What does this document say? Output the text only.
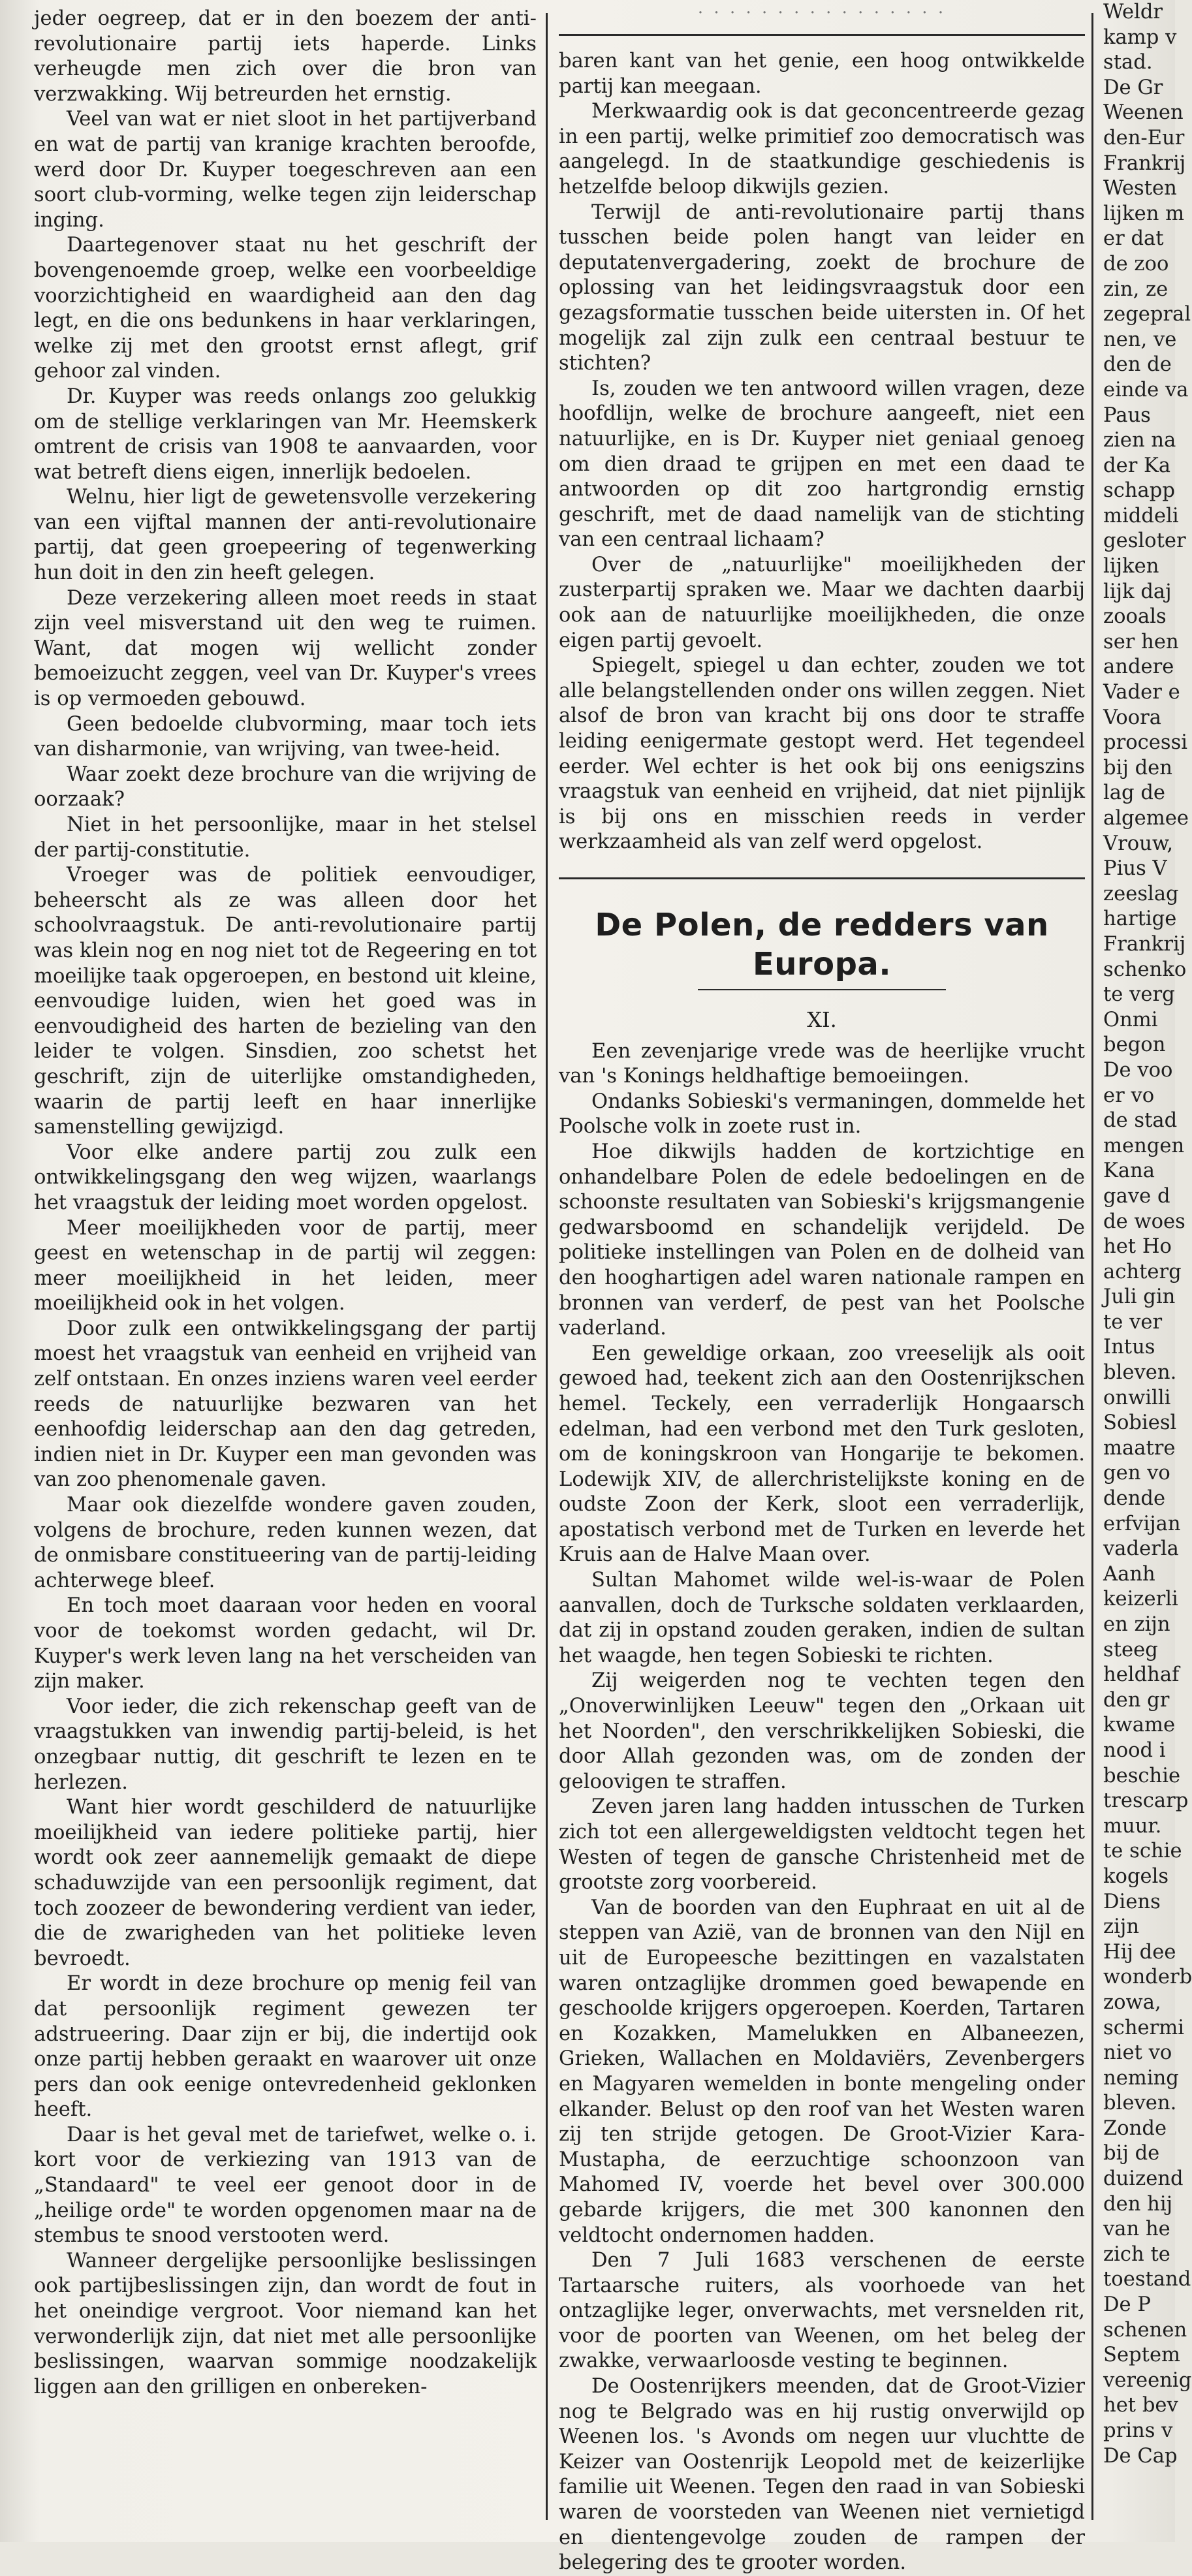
jeder oegreep, dat er in den boezem der anti-revolutionaire partij iets haperde. Links verheugde men zich over die bron van verzwakking. Wij betreurden het ernstig.

Veel van wat er niet sloot in het partijverband en wat de partij van kranige krachten beroofde, werd door Dr. Kuyper toegeschreven aan een soort club-vorming, welke tegen zijn leiderschap inging.

Daartegenover staat nu het geschrift der bovengenoemde groep, welke een voorbeeldige voorzichtigheid en waardigheid aan den dag legt, en die ons bedunkens in haar verklaringen, welke zij met den grootst ernst aflegt, grif gehoor zal vinden.

Dr. Kuyper was reeds onlangs zoo gelukkig om de stellige verklaringen van Mr. Heemskerk omtrent de crisis van 1908 te aanvaarden, voor wat betreft diens eigen, innerlijk bedoelen.

Welnu, hier ligt de gewetensvolle verzekering van een vijftal mannen der anti-revolutionaire partij, dat geen groepeering of tegenwerking hun doit in den zin heeft gelegen.

Deze verzekering alleen moet reeds in staat zijn veel misverstand uit den weg te ruimen. Want, dat mogen wij wellicht zonder bemoeizucht zeggen, veel van Dr. Kuyper's vrees is op vermoeden gebouwd.

Geen bedoelde clubvorming, maar toch iets van disharmonie, van wrijving, van twee-heid.

Waar zoekt deze brochure van die wrijving de oorzaak?

Niet in het persoonlijke, maar in het stelsel der partij-constitutie.

Vroeger was de politiek eenvoudiger, beheerscht als ze was alleen door het schoolvraagstuk. De anti-revolutionaire partij was klein nog en nog niet tot de Regeering en tot moeilijke taak opgeroepen, en bestond uit kleine, eenvoudige luiden, wien het goed was in eenvoudigheid des harten de bezieling van den leider te volgen. Sinsdien, zoo schetst het geschrift, zijn de uiterlijke omstandigheden, waarin de partij leeft en haar innerlijke samenstelling gewijzigd.

Voor elke andere partij zou zulk een ontwikkelingsgang den weg wijzen, waarlangs het vraagstuk der leiding moet worden opgelost.

Meer moeilijkheden voor de partij, meer geest en wetenschap in de partij wil zeggen: meer moeilijkheid in het leiden, meer moeilijkheid ook in het volgen.

Door zulk een ontwikkelingsgang der partij moest het vraagstuk van eenheid en vrijheid van zelf ontstaan. En onzes inziens waren veel eerder reeds de natuurlijke bezwaren van het eenhoofdig leiderschap aan den dag getreden, indien niet in Dr. Kuyper een man gevonden was van zoo phenomenale gaven.

Maar ook diezelfde wondere gaven zouden, volgens de brochure, reden kunnen wezen, dat de onmisbare constitueering van de partij-leiding achterwege bleef.

En toch moet daaraan voor heden en vooral voor de toekomst worden gedacht, wil Dr. Kuyper's werk leven lang na het verscheiden van zijn maker.

Voor ieder, die zich rekenschap geeft van de vraagstukken van inwendig partij-beleid, is het onzegbaar nuttig, dit geschrift te lezen en te herlezen.

Want hier wordt geschilderd de natuurlijke moeilijkheid van iedere politieke partij, hier wordt ook zeer aannemelijk gemaakt de diepe schaduwzijde van een persoonlijk regiment, dat toch zoozeer de bewondering verdient van ieder, die de zwarigheden van het politieke leven bevroedt.

Er wordt in deze brochure op menig feil van dat persoonlijk regiment gewezen ter adstrueering. Daar zijn er bij, die indertijd ook onze partij hebben geraakt en waarover uit onze pers dan ook eenige ontevredenheid geklonken heeft.

Daar is het geval met de tariefwet, welke o. i. kort voor de verkiezing van 1913 van de „Standaard" te veel eer genoot door in de „heilige orde" te worden opgenomen maar na de stembus te snood verstooten werd.

Wanneer dergelijke persoonlijke beslissingen ook partijbeslissingen zijn, dan wordt de fout in het oneindige vergroot. Voor niemand kan het verwonderlijk zijn, dat niet met alle persoonlijke beslissingen, waarvan sommige noodzakelijk liggen aan den grilligen en onbereken-

· · · · · · · · · · · · · · · ·

baren kant van het genie, een hoog ontwikkelde partij kan meegaan.

Merkwaardig ook is dat geconcentreerde gezag in een partij, welke primitief zoo democratisch was aangelegd. In de staatkundige geschiedenis is hetzelfde beloop dikwijls gezien.

Terwijl de anti-revolutionaire partij thans tusschen beide polen hangt van leider en deputatenvergadering, zoekt de brochure de oplossing van het leidingsvraagstuk door een gezagsformatie tusschen beide uitersten in. Of het mogelijk zal zijn zulk een centraal bestuur te stichten?

Is, zouden we ten antwoord willen vragen, deze hoofdlijn, welke de brochure aangeeft, niet een natuurlijke, en is Dr. Kuyper niet geniaal genoeg om dien draad te grijpen en met een daad te antwoorden op dit zoo hartgrondig ernstig geschrift, met de daad namelijk van de stichting van een centraal lichaam?

Over de „natuurlijke" moeilijkheden der zusterpartij spraken we. Maar we dachten daarbij ook aan de natuurlijke moeilijkheden, die onze eigen partij gevoelt.

Spiegelt, spiegel u dan echter, zouden we tot alle belangstellenden onder ons willen zeggen. Niet alsof de bron van kracht bij ons door te straffe leiding eenigermate gestopt werd. Het tegendeel eerder. Wel echter is het ook bij ons eenigszins vraagstuk van eenheid en vrijheid, dat niet pijnlijk is bij ons en misschien reeds in verder werkzaamheid als van zelf werd opgelost.

De Polen, de redders van Europa.
XI.

Een zevenjarige vrede was de heerlijke vrucht van 's Konings heldhaftige bemoeiingen.

Ondanks Sobieski's vermaningen, dommelde het Poolsche volk in zoete rust in.

Hoe dikwijls hadden de kortzichtige en onhandelbare Polen de edele bedoelingen en de schoonste resultaten van Sobieski's krijgsmangenie gedwarsboomd en schandelijk verijdeld. De politieke instellingen van Polen en de dolheid van den hooghartigen adel waren nationale rampen en bronnen van verderf, de pest van het Poolsche vaderland.

Een geweldige orkaan, zoo vreeselijk als ooit gewoed had, teekent zich aan den Oostenrijkschen hemel. Teckely, een verraderlijk Hongaarsch edelman, had een verbond met den Turk gesloten, om de koningskroon van Hongarije te bekomen. Lodewijk XIV, de allerchristelijkste koning en de oudste Zoon der Kerk, sloot een verraderlijk, apostatisch verbond met de Turken en leverde het Kruis aan de Halve Maan over.

Sultan Mahomet wilde wel-is-waar de Polen aanvallen, doch de Turksche soldaten verklaarden, dat zij in opstand zouden geraken, indien de sultan het waagde, hen tegen Sobieski te richten.

Zij weigerden nog te vechten tegen den „Onoverwinlijken Leeuw" tegen den „Orkaan uit het Noorden", den verschrikkelijken Sobieski, die door Allah gezonden was, om de zonden der geloovigen te straffen.

Zeven jaren lang hadden intusschen de Turken zich tot een allergeweldigsten veldtocht tegen het Westen of tegen de gansche Christenheid met de grootste zorg voorbereid.

Van de boorden van den Euphraat en uit al de steppen van Azië, van de bronnen van den Nijl en uit de Europeesche bezittingen en vazalstaten waren ontzaglijke drommen goed bewapende en geschoolde krijgers opgeroepen. Koerden, Tartaren en Kozakken, Mamelukken en Albaneezen, Grieken, Wallachen en Moldaviërs, Zevenbergers en Magyaren wemelden in bonte mengeling onder elkander. Belust op den roof van het Westen waren zij ten strijde getogen. De Groot-Vizier Kara-Mustapha, de eerzuchtige schoonzoon van Mahomed IV, voerde het bevel over 300.000 gebarde krijgers, die met 300 kanonnen den veldtocht ondernomen hadden.

Den 7 Juli 1683 verschenen de eerste Tartaarsche ruiters, als voorhoede van het ontzaglijke leger, onverwachts, met versnelden rit, voor de poorten van Weenen, om het beleg der zwakke, verwaarloosde vesting te beginnen.

De Oostenrijkers meenden, dat de Groot-Vizier nog te Belgrado was en hij rustig onverwijld op Weenen los. 's Avonds om negen uur vluchtte de Keizer van Oostenrijk Leopold met de keizerlijke familie uit Weenen. Tegen den raad in van Sobieski waren de voorsteden van Weenen niet vernietigd en dientengevolge zouden de rampen der belegering des te grooter worden.

Weldr

kamp v

stad.

De Gr

Weenen

den-Eur

Frankrij

Westen

lijken m

er dat

de zoo

zin, ze

zegepral

nen, ve

den de

einde va

Paus

zien na

der Ka

schapp

middeli

gesloter

lijken

lijk daj

zooals

ser hen

andere

Vader e

Voora

processi

bij den

lag de

algemee

Vrouw,

Pius V

zeeslag

hartige

Frankrij

schenko

te verg

Onmi

begon

De voo

er vo

de stad

mengen

Kana

gave d

de woes

het Ho

achterg

Juli gin

te ver

Intus

bleven.

onwilli

Sobiesl

maatre

gen vo

dende

erfvijan

vaderla

Aanh

keizerli

en zijn

steeg

heldhaf

den gr

kwame

nood i

beschie

trescarp

muur.

te schie

kogels

Diens

zijn

Hij dee

wonderb

zowa,

schermi

niet vo

neming

bleven.

Zonde

bij de

duizend

den hij

van he

zich te

toestand

De P

schenen

Septem

vereenig

het bev

prins v

De Cap
